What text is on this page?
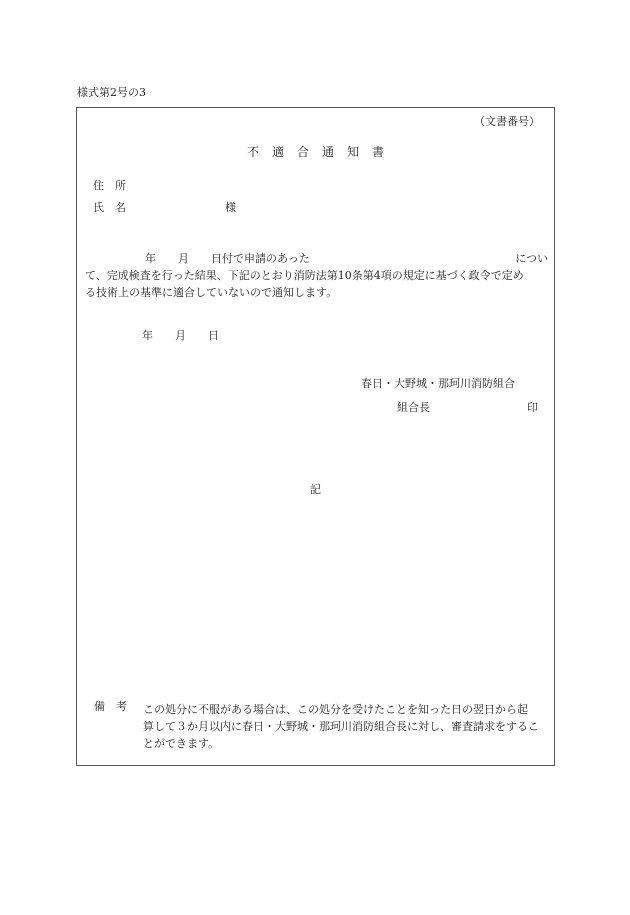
様式第2号の3
（文書番号）
不適合通知書
住　所
氏　名	様
年　　月　　日付で申請のあった	につい
て、完成検査を行った結果、下記のとおり消防法第10条第4項の規定に基づく政令で定め
る技術上の基準に適合していないので通知します。
年　　月　　日
春日・大野城・那珂川消防組合
組合長	印
記
備　考 この処分に不服がある場合は、この処分を受けたことを知った日の翌日から起
算して３か月以内に春日・大野城・那珂川消防組合長に対し、審査請求をするこ
とができます。
